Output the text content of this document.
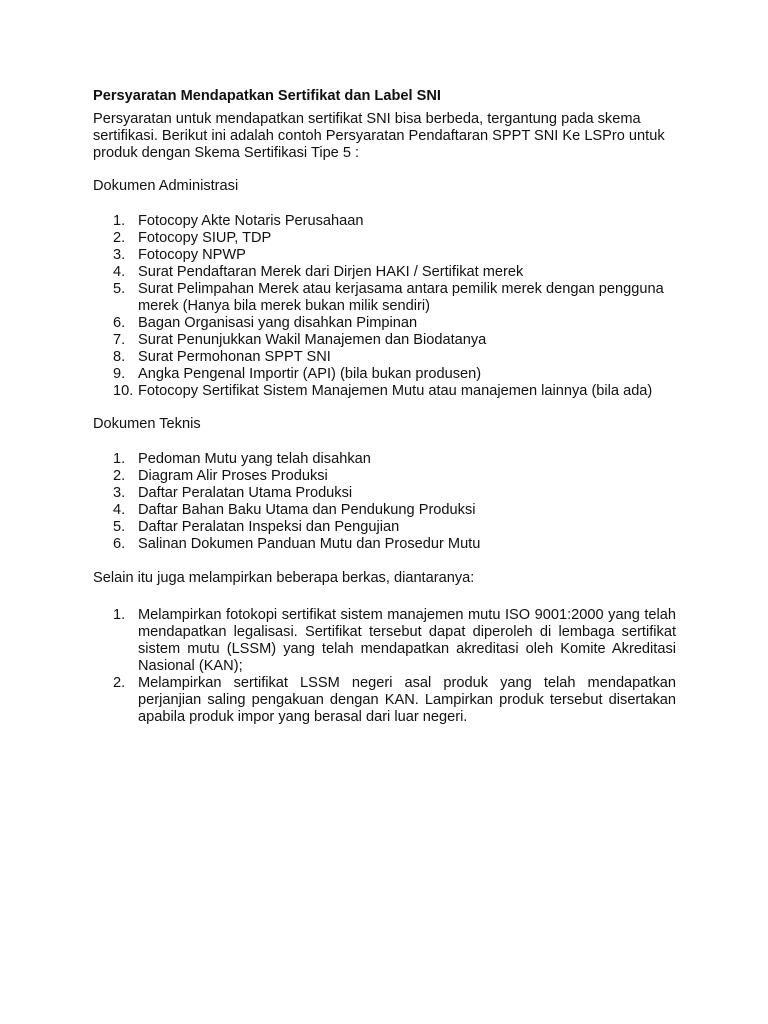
Persyaratan Mendapatkan Sertifikat dan Label SNI

Persyaratan untuk mendapatkan sertifikat SNI bisa berbeda, tergantung pada skema sertifikasi. Berikut ini adalah contoh Persyaratan Pendaftaran SPPT SNI Ke LSPro untuk produk dengan Skema Sertifikasi Tipe 5 :

Dokumen Administrasi

1. Fotocopy Akte Notaris Perusahaan
2. Fotocopy SIUP, TDP
3. Fotocopy NPWP
4. Surat Pendaftaran Merek dari Dirjen HAKI / Sertifikat merek
5. Surat Pelimpahan Merek atau kerjasama antara pemilik merek dengan pengguna merek (Hanya bila merek bukan milik sendiri)
6. Bagan Organisasi yang disahkan Pimpinan
7. Surat Penunjukkan Wakil Manajemen dan Biodatanya
8. Surat Permohonan SPPT SNI
9. Angka Pengenal Importir (API) (bila bukan produsen)
10. Fotocopy Sertifikat Sistem Manajemen Mutu atau manajemen lainnya (bila ada)

Dokumen Teknis

1. Pedoman Mutu yang telah disahkan
2. Diagram Alir Proses Produksi
3. Daftar Peralatan Utama Produksi
4. Daftar Bahan Baku Utama dan Pendukung Produksi
5. Daftar Peralatan Inspeksi dan Pengujian
6. Salinan Dokumen Panduan Mutu dan Prosedur Mutu

Selain itu juga melampirkan beberapa berkas, diantaranya:

1. Melampirkan fotokopi sertifikat sistem manajemen mutu ISO 9001:2000 yang telah mendapatkan legalisasi. Sertifikat tersebut dapat diperoleh di lembaga sertifikat sistem mutu (LSSM) yang telah mendapatkan akreditasi oleh Komite Akreditasi Nasional (KAN);
2. Melampirkan sertifikat LSSM negeri asal produk yang telah mendapatkan perjanjian saling pengakuan dengan KAN. Lampirkan produk tersebut disertakan apabila produk impor yang berasal dari luar negeri.
